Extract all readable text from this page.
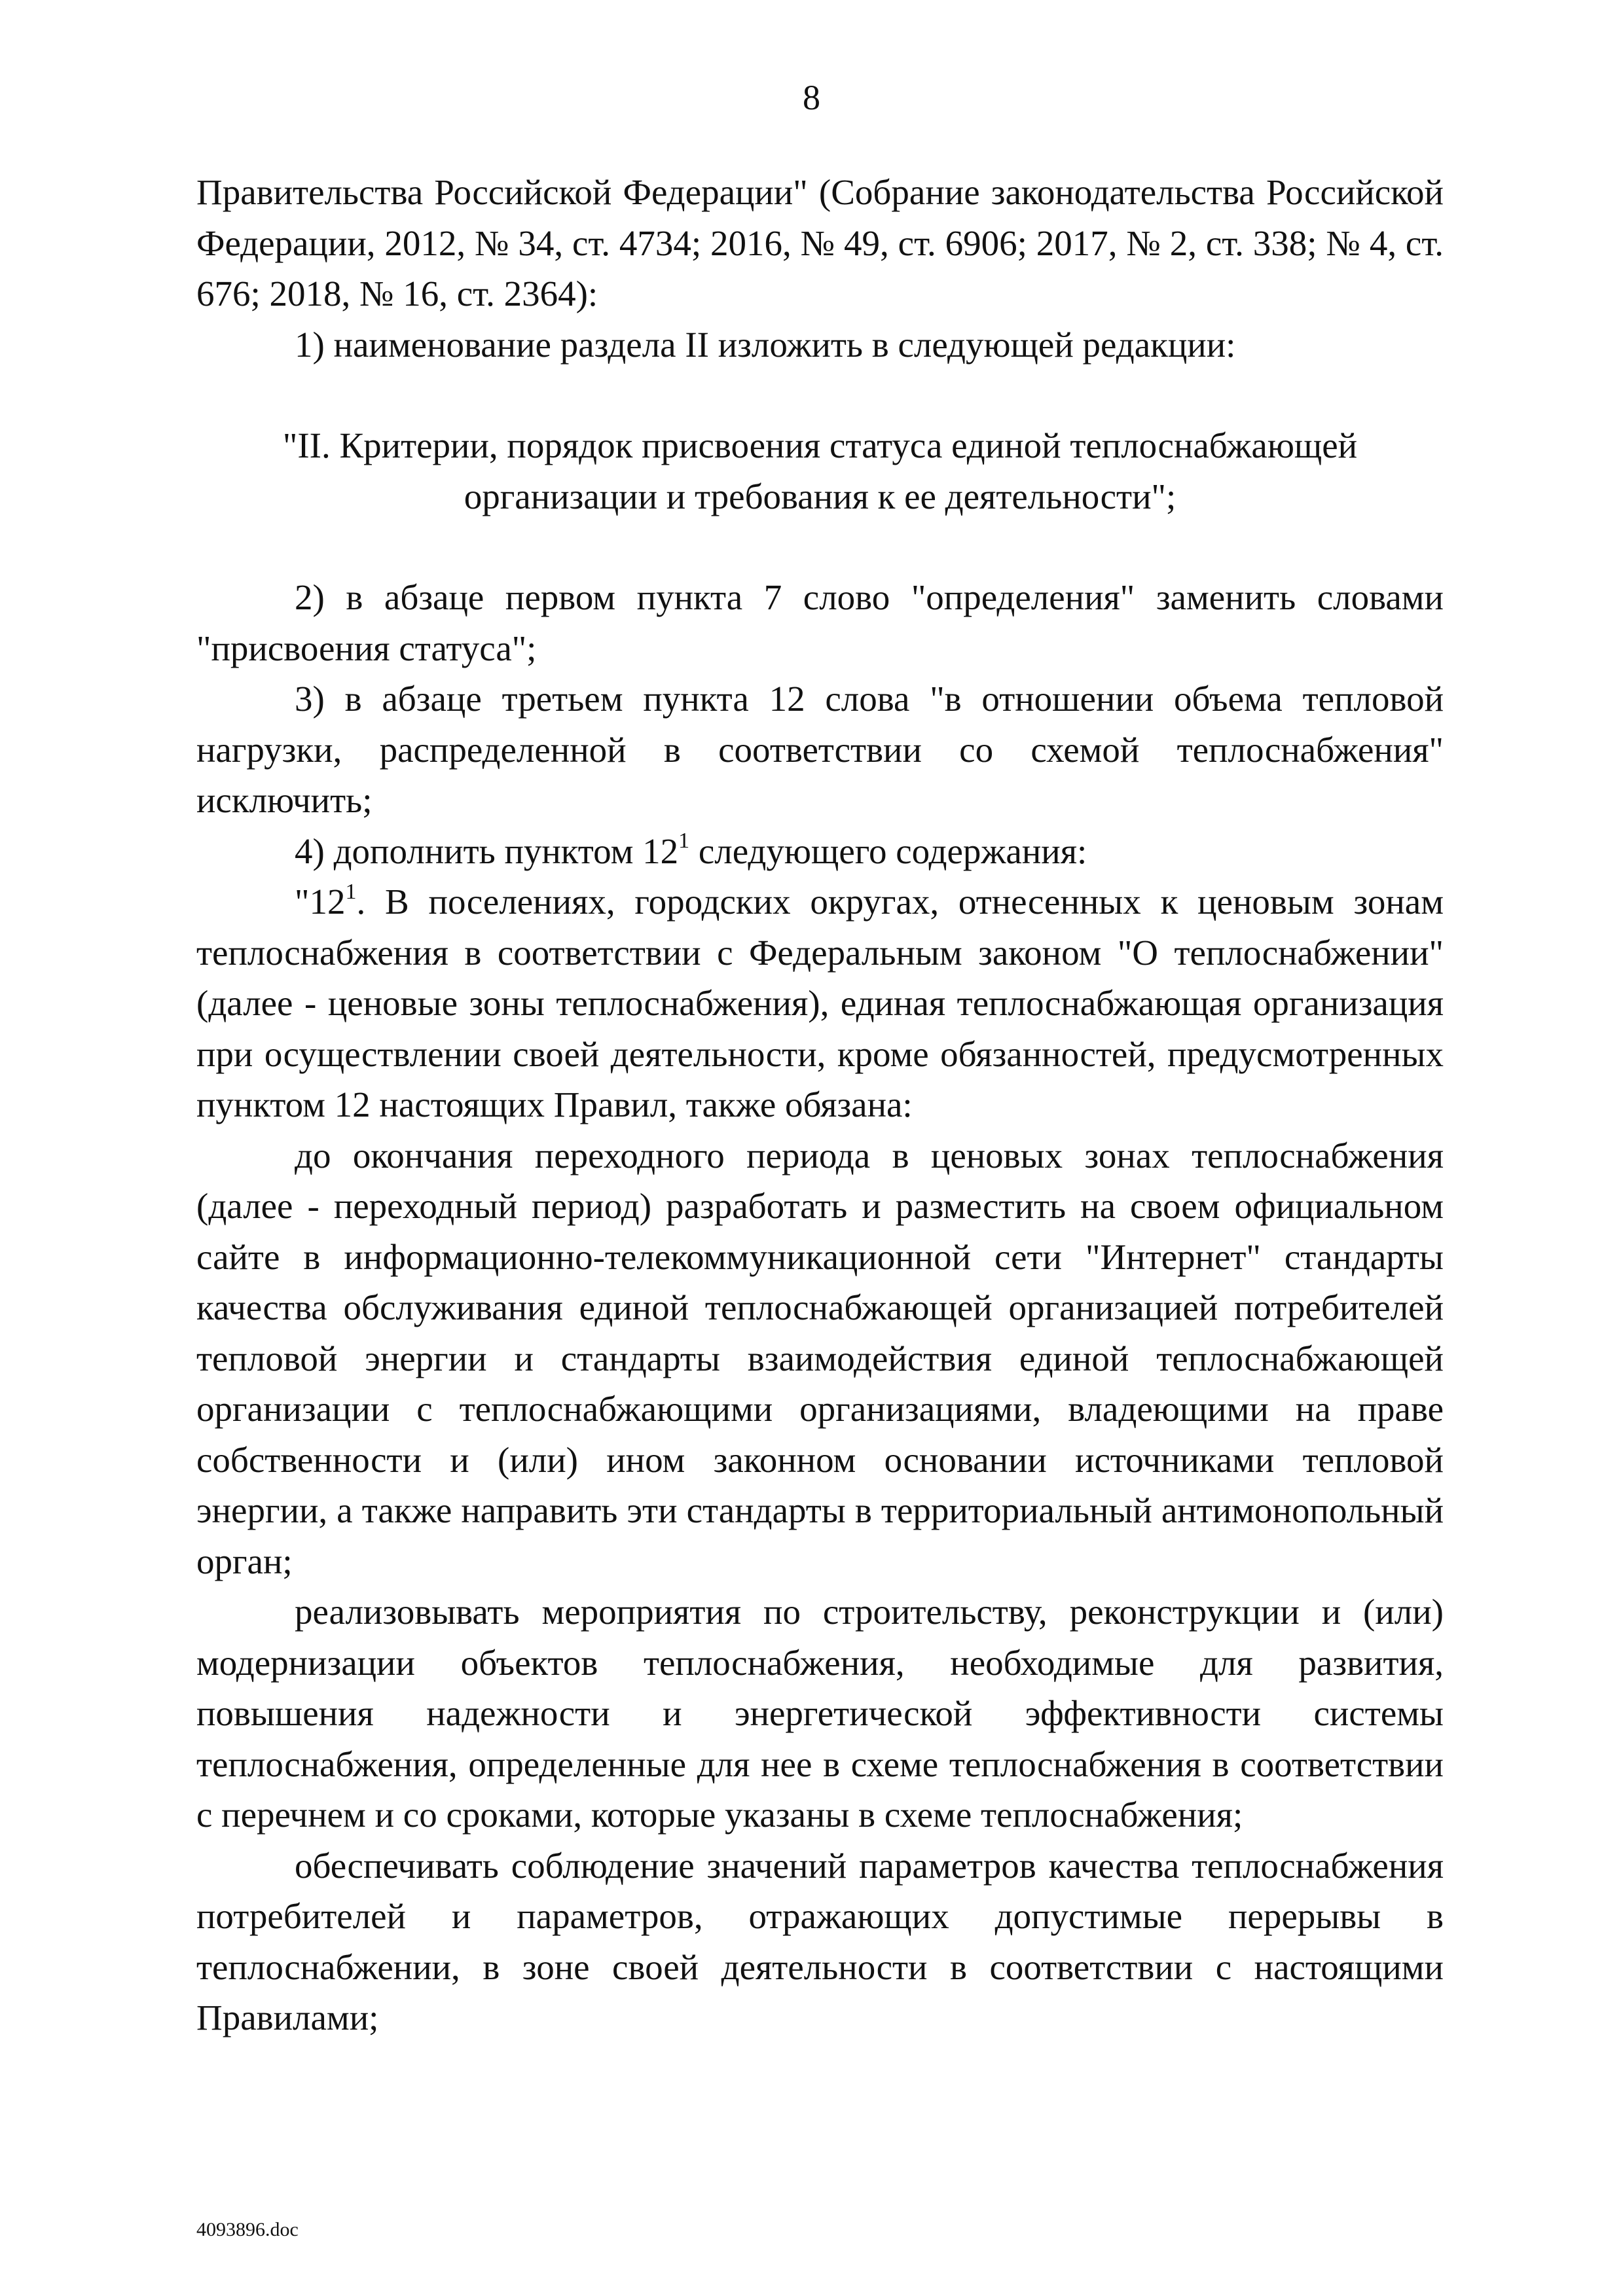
8

Правительства Российской Федерации" (Собрание законодательства Российской Федерации, 2012, № 34, ст. 4734; 2016, № 49, ст. 6906; 2017, № 2, ст. 338; № 4, ст. 676; 2018, № 16, ст. 2364):

1) наименование раздела II изложить в следующей редакции:

"II. Критерии, порядок присвоения статуса единой теплоснабжающей
организации и требования к ее деятельности";

2) в абзаце первом пункта 7 слово "определения" заменить словами "присвоения статуса";

3) в абзаце третьем пункта 12 слова "в отношении объема тепловой нагрузки, распределенной в соответствии со схемой теплоснабжения" исключить;

4) дополнить пунктом $12^1$ следующего содержания:

"$12^1$. В поселениях, городских округах, отнесенных к ценовым зонам теплоснабжения в соответствии с Федеральным законом "О теплоснабжении" (далее - ценовые зоны теплоснабжения), единая теплоснабжающая организация при осуществлении своей деятельности, кроме обязанностей, предусмотренных пунктом 12 настоящих Правил, также обязана:

до окончания переходного периода в ценовых зонах теплоснабжения (далее - переходный период) разработать и разместить на своем официальном сайте в информационно-телекоммуникационной сети "Интернет" стандарты качества обслуживания единой теплоснабжающей организацией потребителей тепловой энергии и стандарты взаимодействия единой теплоснабжающей организации с теплоснабжающими организациями, владеющими на праве собственности и (или) ином законном основании источниками тепловой энергии, а также направить эти стандарты в территориальный антимонопольный орган;

реализовывать мероприятия по строительству, реконструкции и (или) модернизации объектов теплоснабжения, необходимые для развития, повышения надежности и энергетической эффективности системы теплоснабжения, определенные для нее в схеме теплоснабжения в соответствии с перечнем и со сроками, которые указаны в схеме теплоснабжения;

обеспечивать соблюдение значений параметров качества теплоснабжения потребителей и параметров, отражающих допустимые перерывы в теплоснабжении, в зоне своей деятельности в соответствии с настоящими Правилами;

4093896.doc
